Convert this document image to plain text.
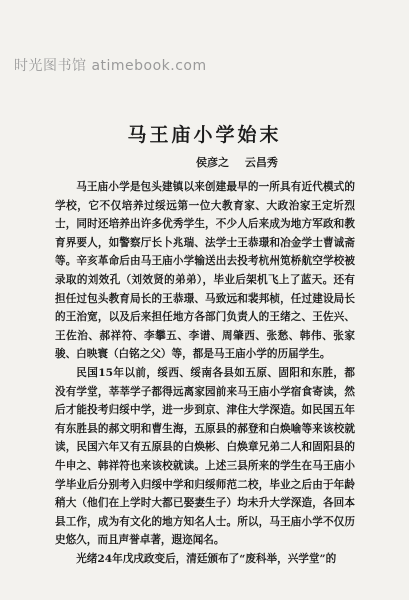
时光图书馆 atimebook.com
马王庙小学始末
侯彦之 云昌秀

马王庙小学是包头建镇以来创建最早的一所具有近代模式的学校，它不仅培养过绥远第一位大教育家、大政治家王定圻烈士，同时还培养出许多优秀学生，不少人后来成为地方军政和教育界要人，如警察厅长卜兆瑞、法学士王恭璟和冶金学士曹诚斋等。辛亥革命后由马王庙小学输送出去投考杭州笕桥航空学校被录取的刘效孔（刘效贤的弟弟），毕业后架机飞上了蓝天。还有担任过包头教育局长的王恭璟、马致远和裴邦桢，任过建设局长的王治宽，以及后来担任地方各部门负责人的王绪之、王佐兴、王佐治、郝祥符、李攀五、李谱、周肇西、张愁、韩伟、张家骏、白映寰（白铭之父）等，都是马王庙小学的历届学生。

民国15年以前，绥西、绥南各县如五原、固阳和东胜，都没有学堂，莘莘学子都得远离家园前来马王庙小学宿食寄读，然后才能投考归绥中学，进一步到京、津住大学深造。如民国五年有东胜县的郝文明和曹生海，五原县的郝登和白焕喻等来该校就读，民国六年又有五原县的白焕彬、白焕章兄弟二人和固阳县的牛申之、韩祥符也来该校就读。上述三县所来的学生在马王庙小学毕业后分别考入归绥中学和归绥师范二校，毕业之后由于年龄稍大（他们在上学时大都已娶妻生子）均未升大学深造，各回本县工作，成为有文化的地方知名人士。所以，马王庙小学不仅历史悠久，而且声誉卓著，遐迩闻名。

光绪24年戊戌政变后，清廷颁布了“废科举，兴学堂”的
